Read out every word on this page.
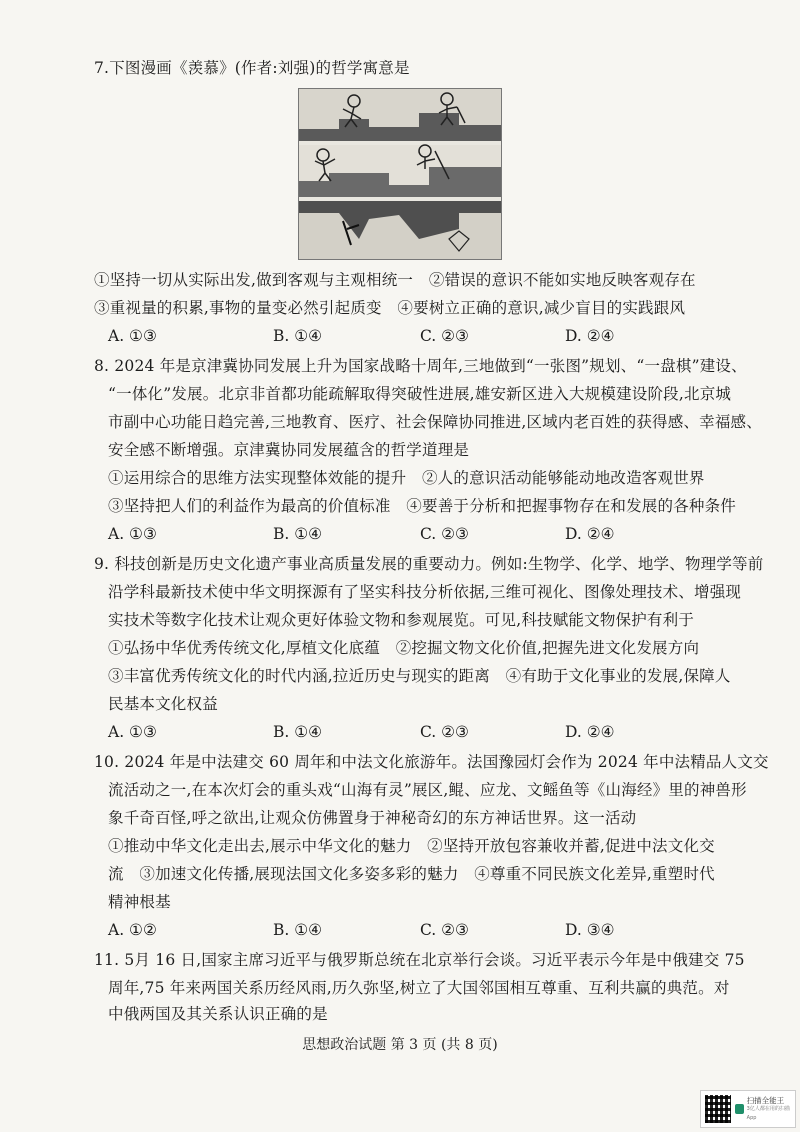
7.下图漫画《羡慕》(作者:刘强)的哲学寓意是
①坚持一切从实际出发,做到客观与主观相统一　②错误的意识不能如实地反映客观存在
③重视量的积累,事物的量变必然引起质变　④要树立正确的意识,减少盲目的实践跟风
A. ①③	B. ①④	C. ②③	D. ②④
8. 2024 年是京津冀协同发展上升为国家战略十周年,三地做到“一张图”规划、“一盘棋”建设、
“一体化”发展。北京非首都功能疏解取得突破性进展,雄安新区进入大规模建设阶段,北京城
市副中心功能日趋完善,三地教育、医疗、社会保障协同推进,区域内老百姓的获得感、幸福感、
安全感不断增强。京津冀协同发展蕴含的哲学道理是
①运用综合的思维方法实现整体效能的提升　②人的意识活动能够能动地改造客观世界
③坚持把人们的利益作为最高的价值标准　④要善于分析和把握事物存在和发展的各种条件
A. ①③	B. ①④	C. ②③	D. ②④
9. 科技创新是历史文化遗产事业高质量发展的重要动力。例如:生物学、化学、地学、物理学等前
沿学科最新技术使中华文明探源有了坚实科技分析依据,三维可视化、图像处理技术、增强现
实技术等数字化技术让观众更好体验文物和参观展览。可见,科技赋能文物保护有利于
①弘扬中华优秀传统文化,厚植文化底蕴　②挖掘文物文化价值,把握先进文化发展方向
③丰富优秀传统文化的时代内涵,拉近历史与现实的距离　④有助于文化事业的发展,保障人
民基本文化权益
A. ①③	B. ①④	C. ②③	D. ②④
10. 2024 年是中法建交 60 周年和中法文化旅游年。法国豫园灯会作为 2024 年中法精品人文交
流活动之一,在本次灯会的重头戏“山海有灵”展区,鲲、应龙、文鳐鱼等《山海经》里的神兽形
象千奇百怪,呼之欲出,让观众仿佛置身于神秘奇幻的东方神话世界。这一活动
①推动中华文化走出去,展示中华文化的魅力　②坚持开放包容兼收并蓄,促进中法文化交
流　③加速文化传播,展现法国文化多姿多彩的魅力　④尊重不同民族文化差异,重塑时代
精神根基
A. ①②	B. ①④	C. ②③	D. ③④
11. 5月 16 日,国家主席习近平与俄罗斯总统在北京举行会谈。习近平表示今年是中俄建交 75
周年,75 年来两国关系历经风雨,历久弥坚,树立了大国邻国相互尊重、互利共赢的典范。对
中俄两国及其关系认识正确的是
思想政治试题 第 3 页 (共 8 页)
扫描全能王
3亿人都在用的扫描App
